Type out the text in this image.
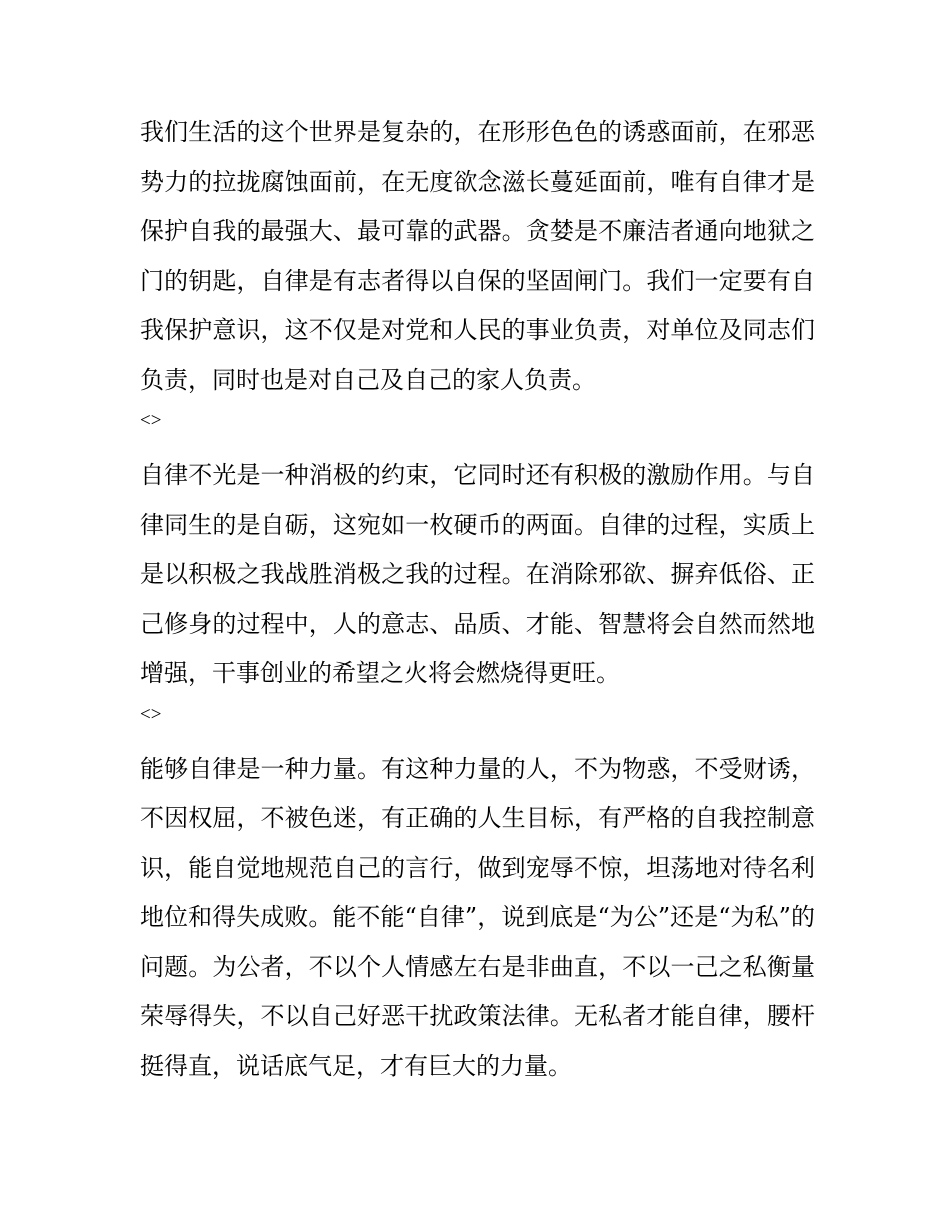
我们生活的这个世界是复杂的，在形形色色的诱惑面前，在邪恶势力的拉拢腐蚀面前，在无度欲念滋长蔓延面前，唯有自律才是保护自我的最强大、最可靠的武器。贪婪是不廉洁者通向地狱之门的钥匙，自律是有志者得以自保的坚固闸门。我们一定要有自我保护意识，这不仅是对党和人民的事业负责，对单位及同志们负责，同时也是对自己及自己的家人负责。

<>

自律不光是一种消极的约束，它同时还有积极的激励作用。与自律同生的是自砺，这宛如一枚硬币的两面。自律的过程，实质上是以积极之我战胜消极之我的过程。在消除邪欲、摒弃低俗、正己修身的过程中，人的意志、品质、才能、智慧将会自然而然地增强，干事创业的希望之火将会燃烧得更旺。

<>

能够自律是一种力量。有这种力量的人，不为物惑，不受财诱，不因权屈，不被色迷，有正确的人生目标，有严格的自我控制意识，能自觉地规范自己的言行，做到宠辱不惊，坦荡地对待名利地位和得失成败。能不能“自律”，说到底是“为公”还是“为私”的问题。为公者，不以个人情感左右是非曲直，不以一己之私衡量荣辱得失，不以自己好恶干扰政策法律。无私者才能自律，腰杆挺得直，说话底气足，才有巨大的力量。
